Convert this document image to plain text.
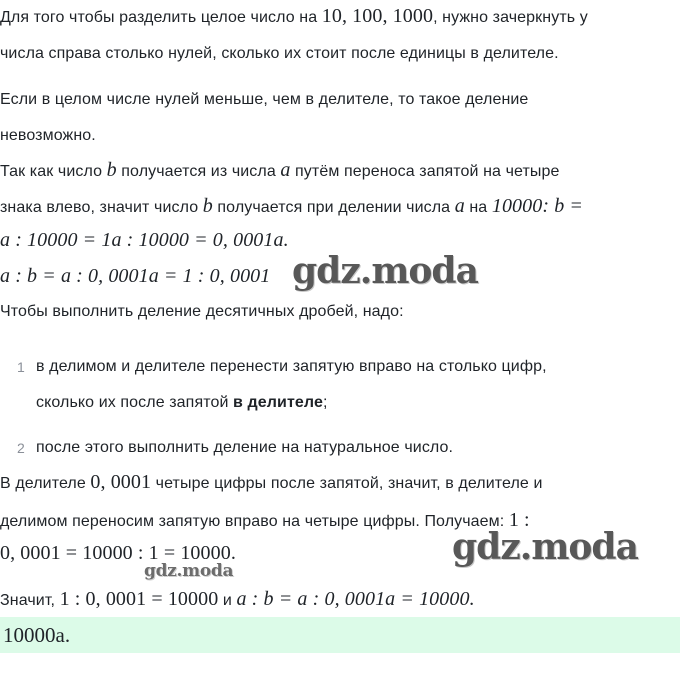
Для того чтобы разделить целое число на 10, 100, 1000, нужно зачеркнуть у
числа справа столько нулей, сколько их стоит после единицы в делителе.
Если в целом числе нулей меньше, чем в делителе, то такое деление
невозможно.
Так как число b получается из числа a путём переноса запятой на четыре
знака влево, значит число b получается при делении числа a на 10000: b =
a : 10000 = 1a : 10000 = 0, 0001a.
a : b = a : 0, 0001a = 1 : 0, 0001
Чтобы выполнить деление десятичных дробей, надо:
1 в делимом и делителе перенести запятую вправо на столько цифр,
сколько их после запятой в делителе;
2 после этого выполнить деление на натуральное число.
В делителе 0, 0001 четыре цифры после запятой, значит, в делителе и
делимом переносим запятую вправо на четыре цифры. Получаем: 1 :
0, 0001 = 10000 : 1 = 10000.
Значит, 1 : 0, 0001 = 10000 и a : b = a : 0, 0001a = 10000.
10000a.
gdz.moda
gdz.moda
gdz.moda
